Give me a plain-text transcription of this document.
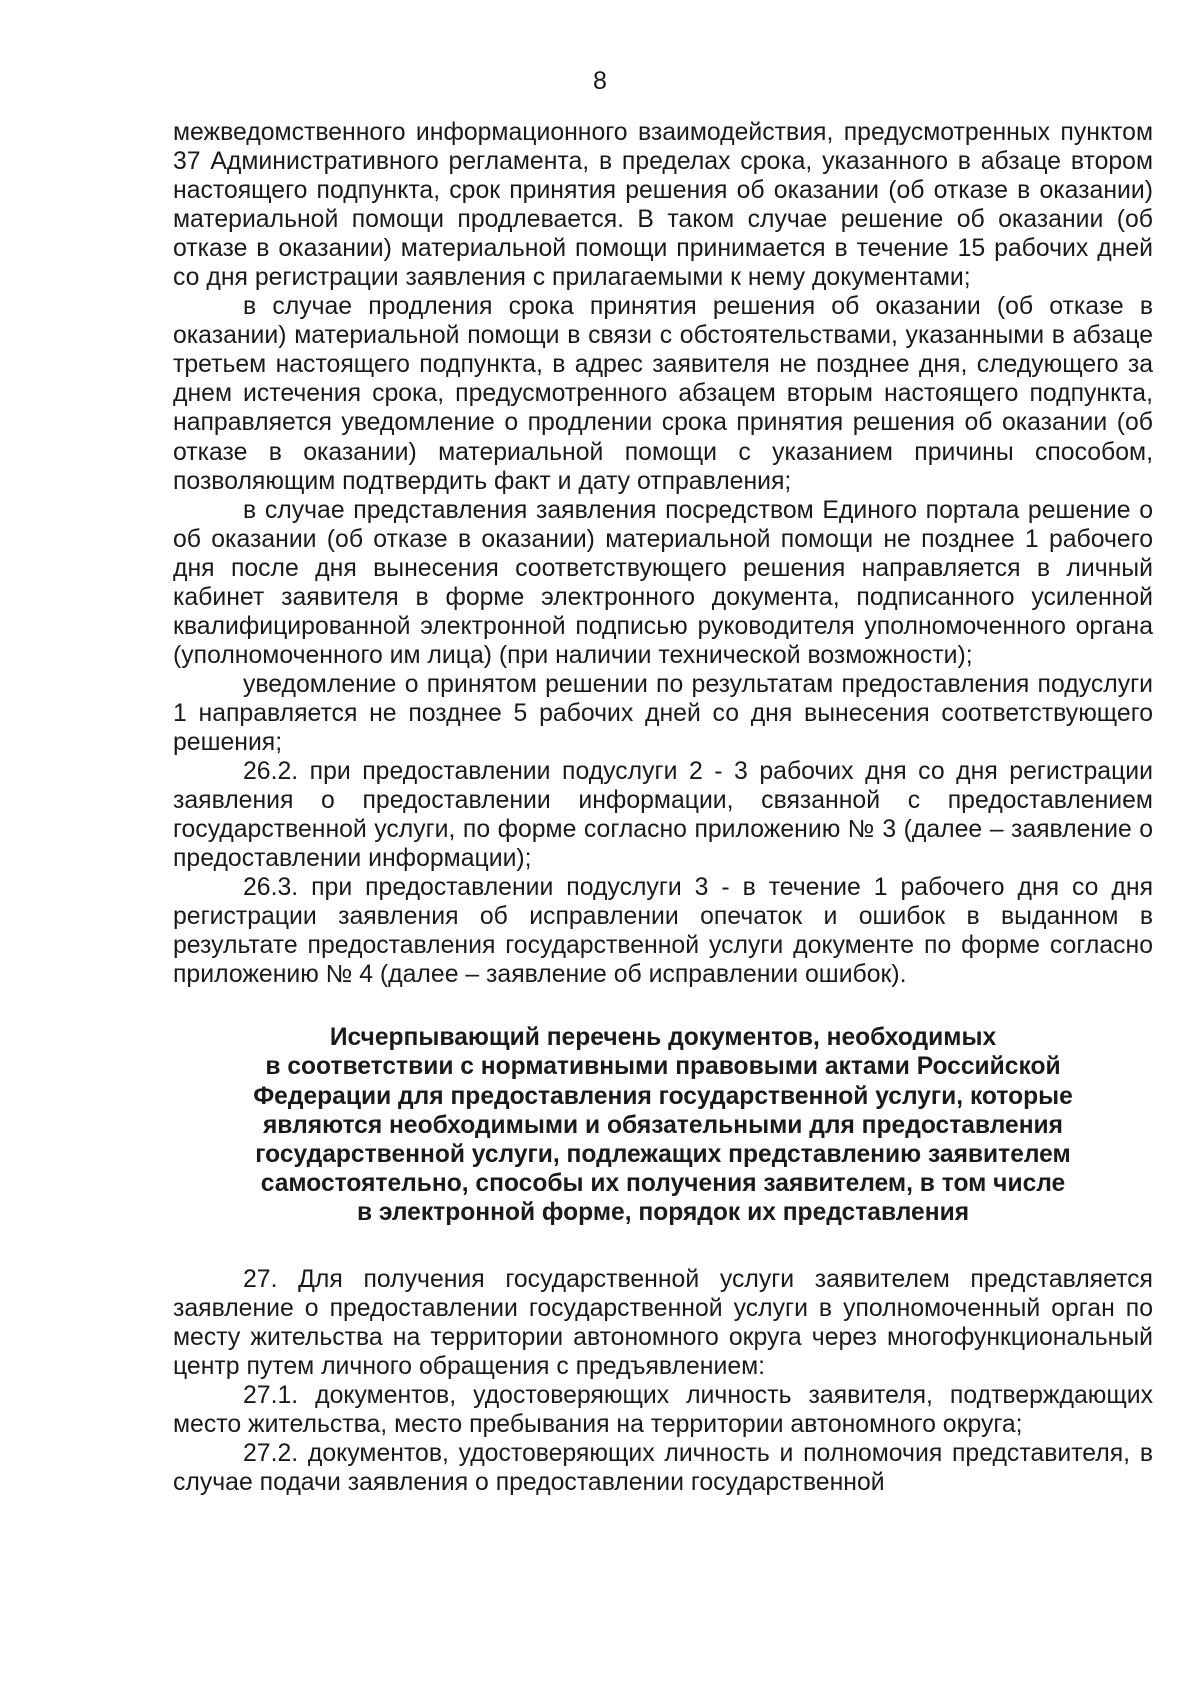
8

межведомственного информационного взаимодействия, предусмотренных пунктом 37 Административного регламента, в пределах срока, указанного в абзаце втором настоящего подпункта, срок принятия решения об оказании (об отказе в оказании) материальной помощи продлевается. В таком случае решение об оказании (об отказе в оказании) материальной помощи принимается в течение 15 рабочих дней со дня регистрации заявления с прилагаемыми к нему документами;

в случае продления срока принятия решения об оказании (об отказе в оказании) материальной помощи в связи с обстоятельствами, указанными в абзаце третьем настоящего подпункта, в адрес заявителя не позднее дня, следующего за днем истечения срока, предусмотренного абзацем вторым настоящего подпункта, направляется уведомление о продлении срока принятия решения об оказании (об отказе в оказании) материальной помощи с указанием причины способом, позволяющим подтвердить факт и дату отправления;

в случае представления заявления посредством Единого портала решение о об оказании (об отказе в оказании) материальной помощи не позднее 1 рабочего дня после дня вынесения соответствующего решения направляется в личный кабинет заявителя в форме электронного документа, подписанного усиленной квалифицированной электронной подписью руководителя уполномоченного органа (уполномоченного им лица) (при наличии технической возможности);

уведомление о принятом решении по результатам предоставления подуслуги 1 направляется не позднее 5 рабочих дней со дня вынесения соответствующего решения;

26.2. при предоставлении подуслуги 2 - 3 рабочих дня со дня регистрации заявления о предоставлении информации, связанной с предоставлением государственной услуги, по форме согласно приложению № 3 (далее – заявление о предоставлении информации);

26.3. при предоставлении подуслуги 3 - в течение 1 рабочего дня со дня регистрации заявления об исправлении опечаток и ошибок в выданном в результате предоставления государственной услуги документе по форме согласно приложению № 4 (далее – заявление об исправлении ошибок).

Исчерпывающий перечень документов, необходимых
в соответствии с нормативными правовыми актами Российской
Федерации для предоставления государственной услуги, которые
являются необходимыми и обязательными для предоставления
государственной услуги, подлежащих представлению заявителем
самостоятельно, способы их получения заявителем, в том числе
в электронной форме, порядок их представления

27. Для получения государственной услуги заявителем представляется заявление о предоставлении государственной услуги в уполномоченный орган по месту жительства на территории автономного округа через многофункциональный центр путем личного обращения с предъявлением:

27.1. документов, удостоверяющих личность заявителя, подтверждающих место жительства, место пребывания на территории автономного округа;

27.2. документов, удостоверяющих личность и полномочия представителя, в случае подачи заявления о предоставлении государственной
